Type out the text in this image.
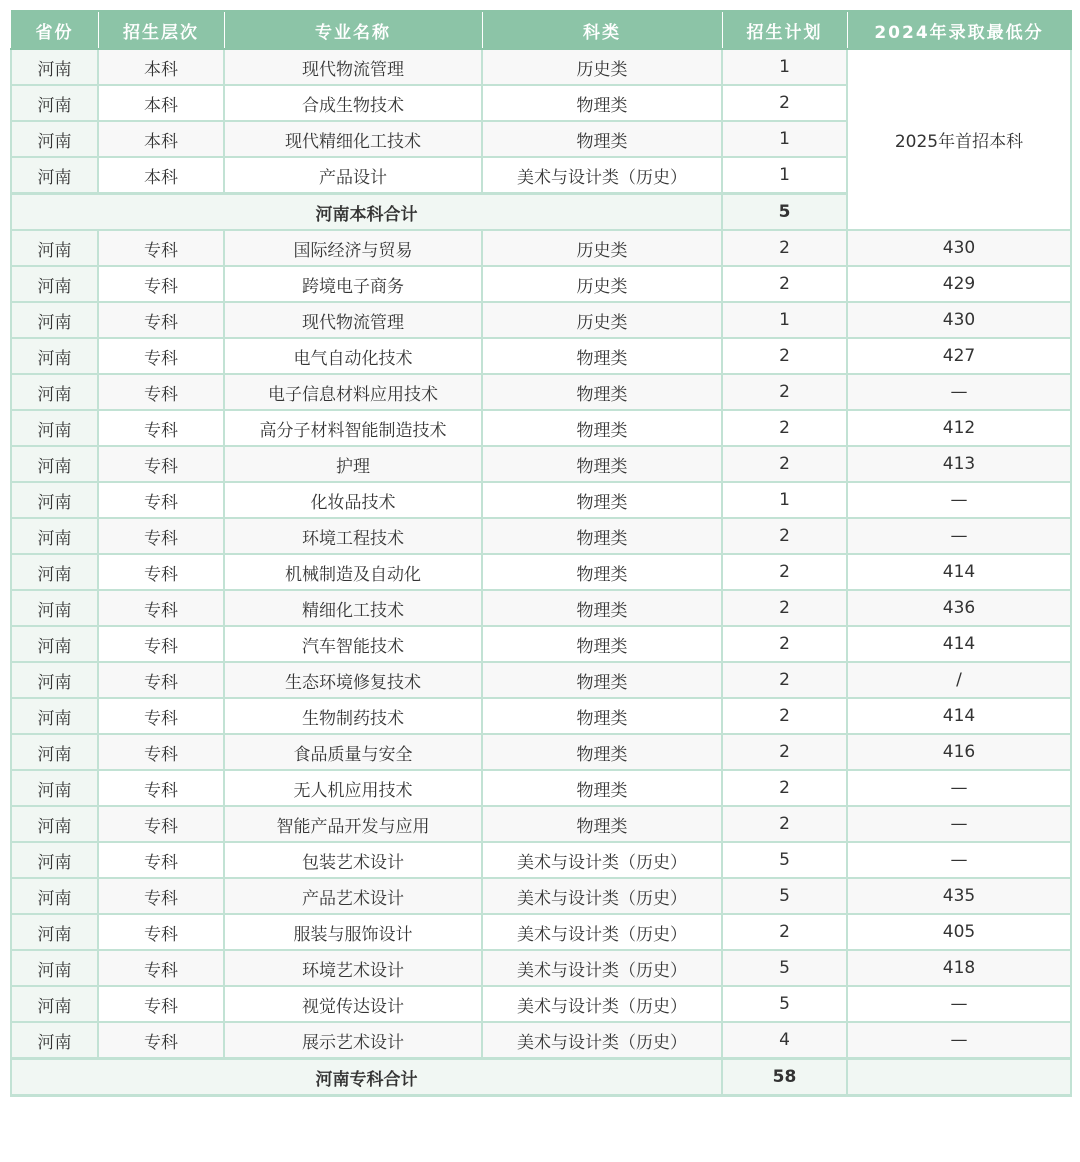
省份	招生层次	专业名称	科类	招生计划	2024年录取最低分
河南	本科	现代物流管理	历史类	1	2025年首招本科
河南	本科	合成生物技术	物理类	2	
河南	本科	现代精细化工技术	物理类	1	
河南	本科	产品设计	美术与设计类（历史）	1	
河南本科合计				5	
河南	专科	国际经济与贸易	历史类	2	430
河南	专科	跨境电子商务	历史类	2	429
河南	专科	现代物流管理	历史类	1	430
河南	专科	电气自动化技术	物理类	2	427
河南	专科	电子信息材料应用技术	物理类	2	—
河南	专科	高分子材料智能制造技术	物理类	2	412
河南	专科	护理	物理类	2	413
河南	专科	化妆品技术	物理类	1	—
河南	专科	环境工程技术	物理类	2	—
河南	专科	机械制造及自动化	物理类	2	414
河南	专科	精细化工技术	物理类	2	436
河南	专科	汽车智能技术	物理类	2	414
河南	专科	生态环境修复技术	物理类	2	/
河南	专科	生物制药技术	物理类	2	414
河南	专科	食品质量与安全	物理类	2	416
河南	专科	无人机应用技术	物理类	2	—
河南	专科	智能产品开发与应用	物理类	2	—
河南	专科	包装艺术设计	美术与设计类（历史）	5	—
河南	专科	产品艺术设计	美术与设计类（历史）	5	435
河南	专科	服装与服饰设计	美术与设计类（历史）	2	405
河南	专科	环境艺术设计	美术与设计类（历史）	5	418
河南	专科	视觉传达设计	美术与设计类（历史）	5	—
河南	专科	展示艺术设计	美术与设计类（历史）	4	—
河南专科合计				58	
